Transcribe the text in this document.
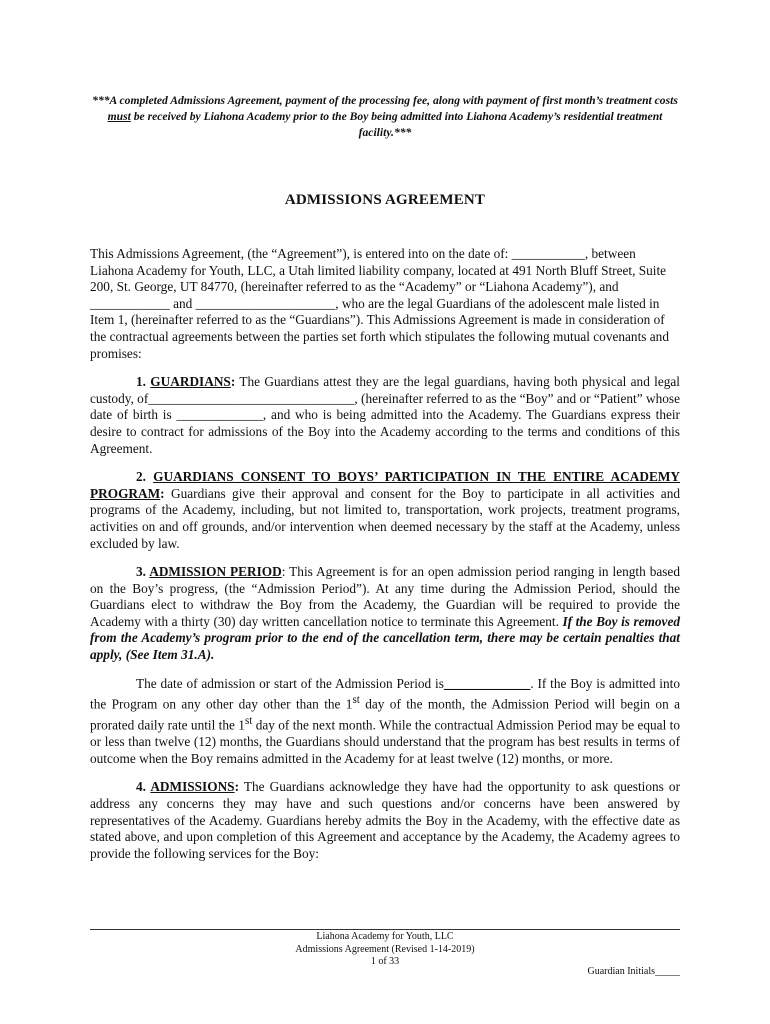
***A completed Admissions Agreement, payment of the processing fee, along with payment of first month’s treatment costs must be received by Liahona Academy prior to the Boy being admitted into Liahona Academy’s residential treatment facility.***
ADMISSIONS AGREEMENT

This Admissions Agreement, (the “Agreement”), is entered into on the date of: ___________, between Liahona Academy for Youth, LLC, a Utah limited liability company, located at 491 North Bluff Street, Suite 200, St. George, UT 84770, (hereinafter referred to as the “Academy” or “Liahona Academy”), and ____________ and _____________________, who are the legal Guardians of the adolescent male listed in Item 1, (hereinafter referred to as the “Guardians”). This Admissions Agreement is made in consideration of the contractual agreements between the parties set forth which stipulates the following mutual covenants and promises:

1. GUARDIANS: The Guardians attest they are the legal guardians, having both physical and legal custody, of_______________________________, (hereinafter referred to as the “Boy” and or “Patient” whose date of birth is _____________, and who is being admitted into the Academy. The Guardians express their desire to contract for admissions of the Boy into the Academy according to the terms and conditions of this Agreement.

2. GUARDIANS CONSENT TO BOYS’ PARTICIPATION IN THE ENTIRE ACADEMY PROGRAM: Guardians give their approval and consent for the Boy to participate in all activities and programs of the Academy, including, but not limited to, transportation, work projects, treatment programs, activities on and off grounds, and/or intervention when deemed necessary by the staff at the Academy, unless excluded by law.

3. ADMISSION PERIOD: This Agreement is for an open admission period ranging in length based on the Boy’s progress, (the “Admission Period”). At any time during the Admission Period, should the Guardians elect to withdraw the Boy from the Academy, the Guardian will be required to provide the Academy with a thirty (30) day written cancellation notice to terminate this Agreement. If the Boy is removed from the Academy’s program prior to the end of the cancellation term, there may be certain penalties that apply, (See Item 31.A).

The date of admission or start of the Admission Period is_____________. If the Boy is admitted into the Program on any other day other than the 1st day of the month, the Admission Period will begin on a prorated daily rate until the 1st day of the next month. While the contractual Admission Period may be equal to or less than twelve (12) months, the Guardians should understand that the program has best results in terms of outcome when the Boy remains admitted in the Academy for at least twelve (12) months, or more.

4. ADMISSIONS: The Guardians acknowledge they have had the opportunity to ask questions or address any concerns they may have and such questions and/or concerns have been answered by representatives of the Academy. Guardians hereby admits the Boy in the Academy, with the effective date as stated above, and upon completion of this Agreement and acceptance by the Academy, the Academy agrees to provide the following services for the Boy:

Liahona Academy for Youth, LLC
Admissions Agreement (Revised 1-14-2019)
1 of 33
Guardian Initials_____
